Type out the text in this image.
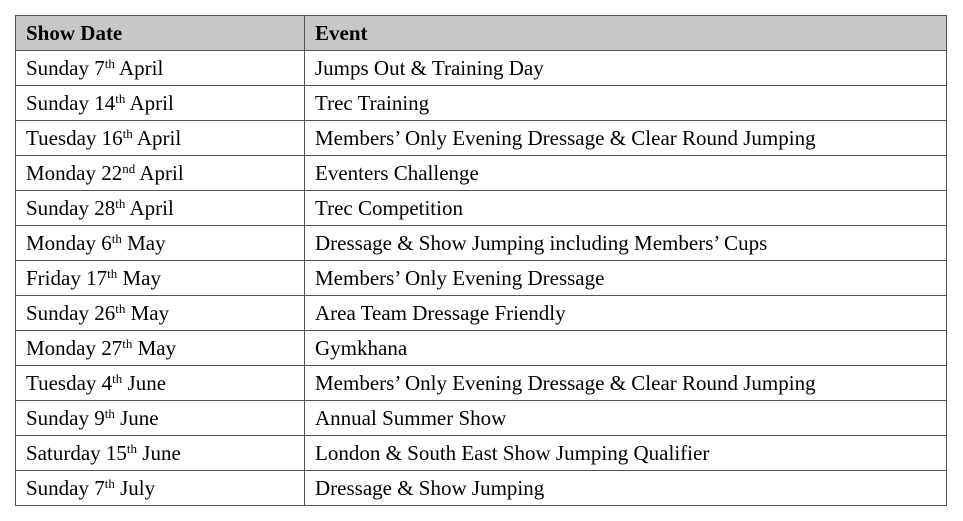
Show Date	Event
Sunday 7th April	Jumps Out & Training Day
Sunday 14th April	Trec Training
Tuesday 16th April	Members’ Only Evening Dressage & Clear Round Jumping
Monday 22nd April	Eventers Challenge
Sunday 28th April	Trec Competition
Monday 6th May	Dressage & Show Jumping including Members’ Cups
Friday 17th May	Members’ Only Evening Dressage
Sunday 26th May	Area Team Dressage Friendly
Monday 27th May	Gymkhana
Tuesday 4th June	Members’ Only Evening Dressage & Clear Round Jumping
Sunday 9th June	Annual Summer Show
Saturday 15th June	London & South East Show Jumping Qualifier
Sunday 7th July	Dressage & Show Jumping
